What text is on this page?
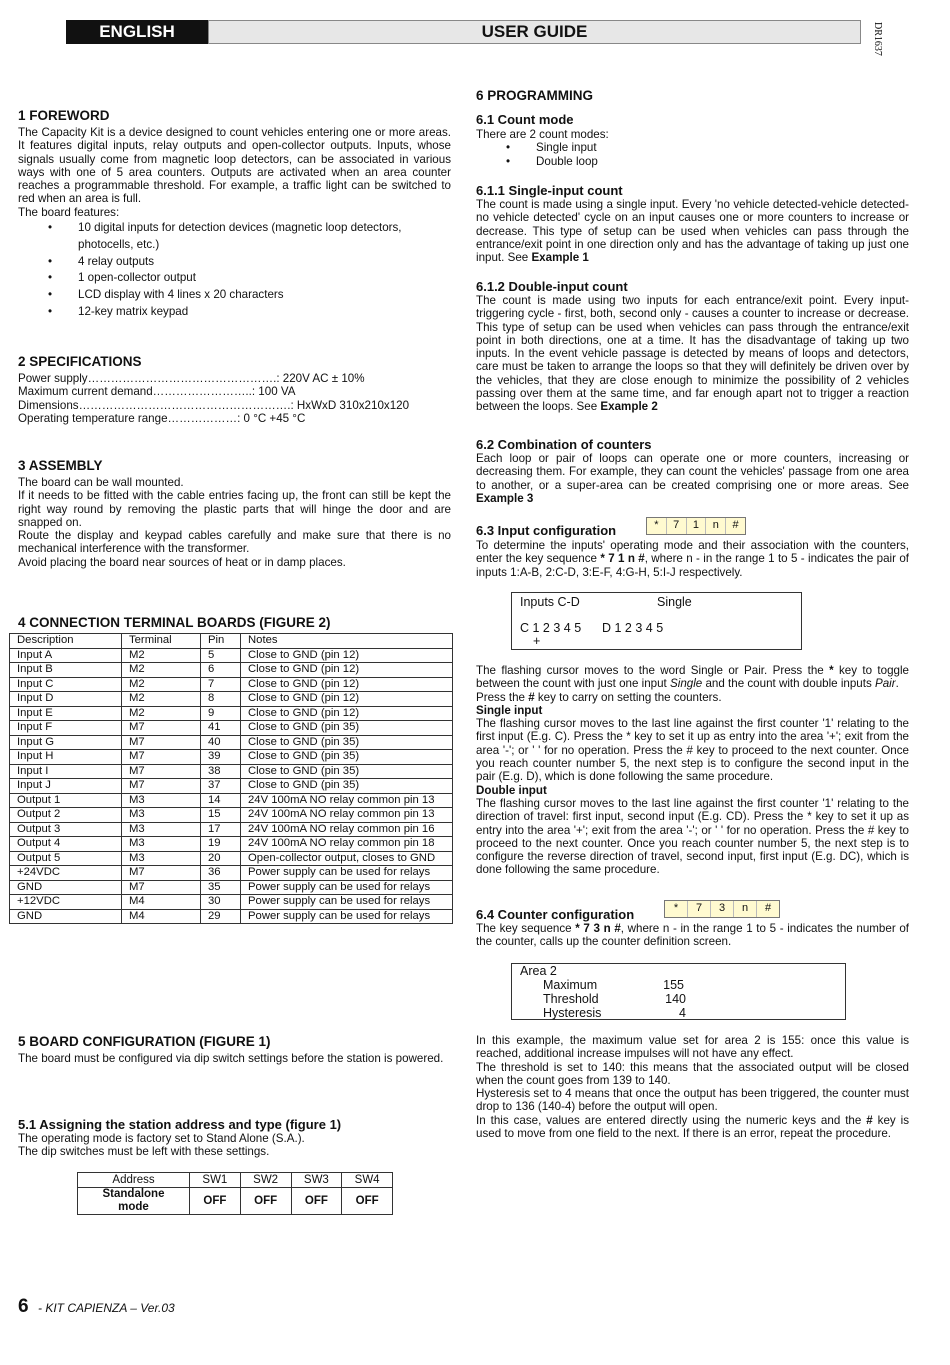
ENGLISH	USER GUIDE	DR1637
1 FOREWORD

The Capacity Kit is a device designed to count vehicles entering one or more areas. It features digital inputs, relay outputs and open-collector outputs. Inputs, whose signals usually come from magnetic loop detectors, can be associated in various ways with one of 5 area counters. Outputs are activated when an area counter reaches a programmable threshold. For example, a traffic light can be switched to red when an area is full.

The board features:

• 10 digital inputs for detection devices (magnetic loop detectors, photocells, etc.)
• 4 relay outputs
• 1 open-collector output
• LCD display with 4 lines x 20 characters
• 12-key matrix keypad
2 SPECIFICATIONS

Power supply………………………………………….: 220V AC ± 10%

Maximum current demand……………………..: 100 VA

Dimensions……………………………………………….: HxWxD 310x210x120

Operating temperature range………………: 0 °C +45 °C

3 ASSEMBLY

The board can be wall mounted.

If it needs to be fitted with the cable entries facing up, the front can still be kept the right way round by removing the plastic parts that will hinge the door and are snapped on.

Route the display and keypad cables carefully and make sure that there is no mechanical interference with the transformer.

Avoid placing the board near sources of heat or in damp places.

4 CONNECTION TERMINAL BOARDS (FIGURE 2)
Description	Terminal	Pin	Notes
Input A	M2	5	Close to GND (pin 12)
Input B	M2	6	Close to GND (pin 12)
Input C	M2	7	Close to GND (pin 12)
Input D	M2	8	Close to GND (pin 12)
Input E	M2	9	Close to GND (pin 12)
Input F	M7	41	Close to GND (pin 35)
Input G	M7	40	Close to GND (pin 35)
Input H	M7	39	Close to GND (pin 35)
Input I	M7	38	Close to GND (pin 35)
Input J	M7	37	Close to GND (pin 35)
Output 1	M3	14	24V 100mA NO relay common pin 13
Output 2	M3	15	24V 100mA NO relay common pin 13
Output 3	M3	17	24V 100mA NO relay common pin 16
Output 4	M3	19	24V 100mA NO relay common pin 18
Output 5	M3	20	Open-collector output, closes to GND
+24VDC	M7	36	Power supply can be used for relays
GND	M7	35	Power supply can be used for relays
+12VDC	M4	30	Power supply can be used for relays
GND	M4	29	Power supply can be used for relays
5 BOARD CONFIGURATION (FIGURE 1)

The board must be configured via dip switch settings before the station is powered.

5.1 Assigning the station address and type (figure 1)

The operating mode is factory set to Stand Alone (S.A.).

The dip switches must be left with these settings.

Address	SW1	SW2	SW3	SW4
Standalone mode	OFF	OFF	OFF	OFF
6 - KIT CAPIENZA – Ver.03
6 PROGRAMMING
6.1 Count mode

There are 2 count modes:

• Single input
• Double loop
6.1.1 Single-input count

The count is made using a single input. Every 'no vehicle detected-vehicle detected-no vehicle detected' cycle on an input causes one or more counters to increase or decrease. This type of setup can be used when vehicles can pass through the entrance/exit point in one direction only and has the advantage of taking up just one input. See Example 1

6.1.2 Double-input count

The count is made using two inputs for each entrance/exit point. Every input-triggering cycle - first, both, second only - causes a counter to increase or decrease. This type of setup can be used when vehicles can pass through the entrance/exit point in both directions, one at a time. It has the disadvantage of taking up two inputs. In the event vehicle passage is detected by means of loops and detectors, care must be taken to arrange the loops so that they will definitely be driven over by the vehicles, that they are close enough to minimize the possibility of 2 vehicles passing over them at the same time, and far enough apart not to trigger a reaction between the loops. See Example 2

6.2 Combination of counters

Each loop or pair of loops can operate one or more counters, increasing or decreasing them. For example, they can count the vehicles' passage from one area to another, or a super-area can be created comprising one or more areas. See Example 3

6.3 Input configuration	*	7	1	n	#

To determine the inputs' operating mode and their association with the counters, enter the key sequence * 7 1 n #, where n - in the range 1 to 5 - indicates the pair of inputs 1:A-B, 2:C-D, 3:E-F, 4:G-H, 5:I-J respectively.

Inputs C-D	Single
C 1 2 3 4 5 D 1 2 3 4 5
+

The flashing cursor moves to the word Single or Pair. Press the * key to toggle between the count with just one input Single and the count with double inputs Pair.

Press the # key to carry on setting the counters.

Single input

The flashing cursor moves to the last line against the first counter '1' relating to the first input (E.g. C). Press the * key to set it up as entry into the area '+'; exit from the area '-'; or ' ' for no operation. Press the # key to proceed to the next counter. Once you reach counter number 5, the next step is to configure the second input in the pair (E.g. D), which is done following the same procedure.

Double input

The flashing cursor moves to the last line against the first counter '1' relating to the direction of travel: first input, second input (E.g. CD). Press the * key to set it up as entry into the area '+'; exit from the area '-'; or ' ' for no operation. Press the # key to proceed to the next counter. Once you reach counter number 5, the next step is to configure the reverse direction of travel, second input, first input (E.g. DC), which is done following the same procedure.

6.4 Counter configuration	*	7	3	n	#

The key sequence * 7 3 n #, where n - in the range 1 to 5 - indicates the number of the counter, calls up the counter definition screen.

Area 2
Maximum	155
Threshold	140
Hysteresis	4

In this example, the maximum value set for area 2 is 155: once this value is reached, additional increase impulses will not have any effect.

The threshold is set to 140: this means that the associated output will be closed when the count goes from 139 to 140.

Hysteresis set to 4 means that once the output has been triggered, the counter must drop to 136 (140-4) before the output will open.

In this case, values are entered directly using the numeric keys and the # key is used to move from one field to the next. If there is an error, repeat the procedure.
